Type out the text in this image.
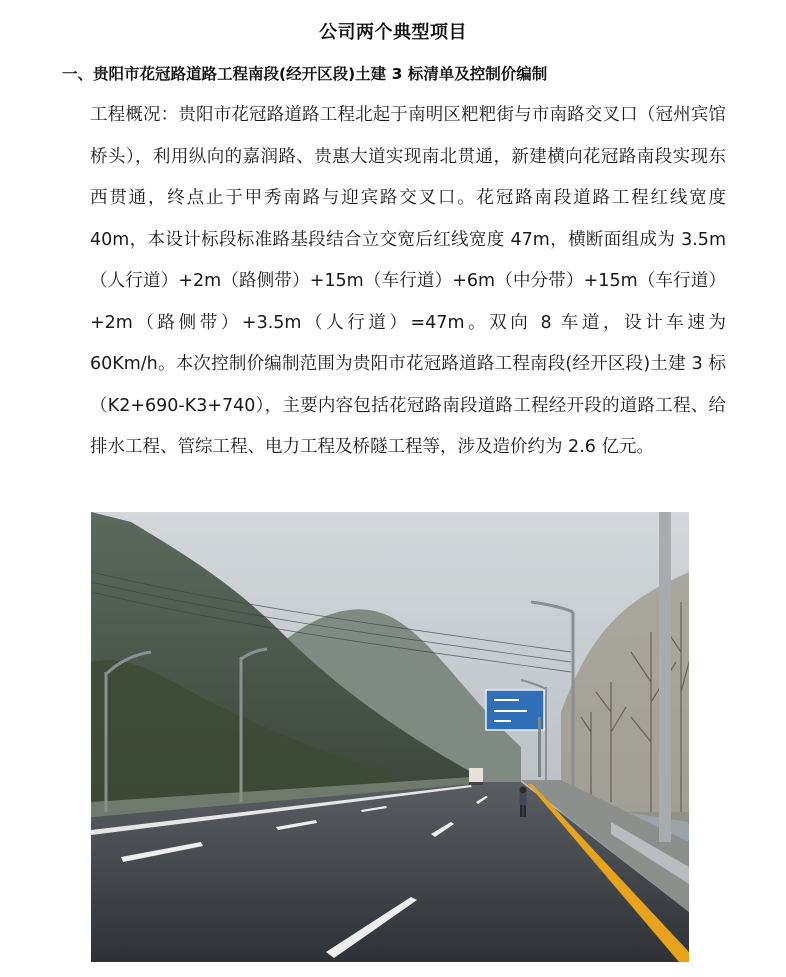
公司两个典型项目
一、贵阳市花冠路道路工程南段(经开区段)土建 3 标清单及控制价编制

工程概况：贵阳市花冠路道路工程北起于南明区粑粑街与市南路交叉口（冠州宾馆桥头），利用纵向的嘉润路、贵惠大道实现南北贯通，新建横向花冠路南段实现东西贯通，终点止于甲秀南路与迎宾路交叉口。花冠路南段道路工程红线宽度 40m，本设计标段标准路基段结合立交宽后红线宽度 47m，横断面组成为 3.5m（人行道）+2m（路侧带）+15m（车行道）+6m（中分带）+15m（车行道）+2m（路侧带）+3.5m（人行道）=47m。双向 8 车道，设计车速为 60Km/h。本次控制价编制范围为贵阳市花冠路道路工程南段(经开区段)土建 3 标（K2+690-K3+740），主要内容包括花冠路南段道路工程经开段的道路工程、给排水工程、管综工程、电力工程及桥隧工程等，涉及造价约为 2.6 亿元。
